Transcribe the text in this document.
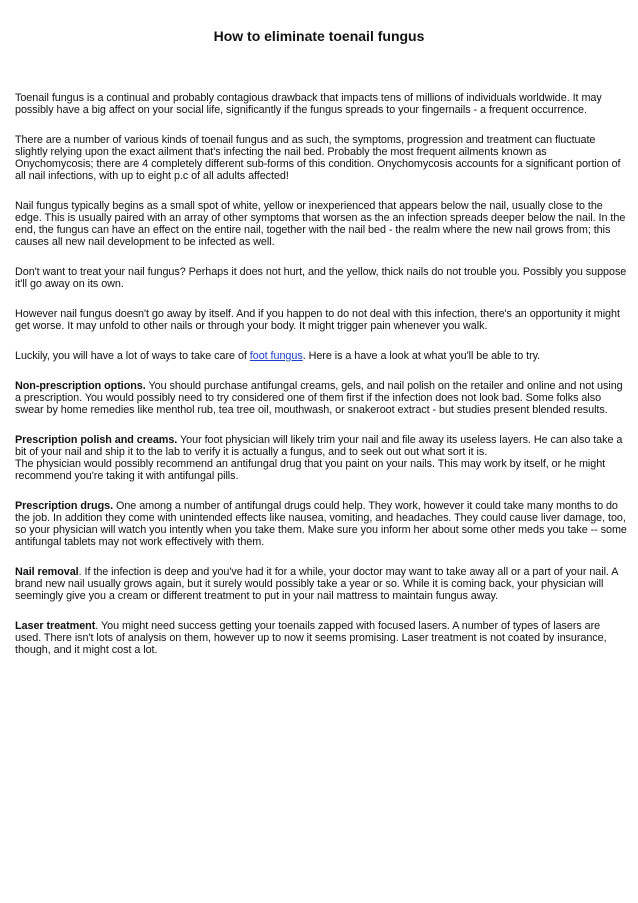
How to eliminate toenail fungus

Toenail fungus is a continual and probably contagious drawback that impacts tens of millions of individuals worldwide. It may possibly have a big affect on your social life, significantly if the fungus spreads to your fingernails - a frequent occurrence.

There are a number of various kinds of toenail fungus and as such, the symptoms, progression and treatment can fluctuate slightly relying upon the exact ailment that's infecting the nail bed. Probably the most frequent ailments known as Onychomycosis; there are 4 completely different sub-forms of this condition. Onychomycosis accounts for a significant portion of all nail infections, with up to eight p.c of all adults affected!

Nail fungus typically begins as a small spot of white, yellow or inexperienced that appears below the nail, usually close to the edge. This is usually paired with an array of other symptoms that worsen as the an infection spreads deeper below the nail. In the end, the fungus can have an effect on the entire nail, together with the nail bed - the realm where the new nail grows from; this causes all new nail development to be infected as well.

Don't want to treat your nail fungus? Perhaps it does not hurt, and the yellow, thick nails do not trouble you. Possibly you suppose it'll go away on its own.

However nail fungus doesn't go away by itself. And if you happen to do not deal with this infection, there's an opportunity it might get worse. It may unfold to other nails or through your body. It might trigger pain whenever you walk.

Luckily, you will have a lot of ways to take care of foot fungus. Here is a have a look at what you'll be able to try.

Non-prescription options. You should purchase antifungal creams, gels, and nail polish on the retailer and online and not using a prescription. You would possibly need to try considered one of them first if the infection does not look bad. Some folks also swear by home remedies like menthol rub, tea tree oil, mouthwash, or snakeroot extract - but studies present blended results.

Prescription polish and creams. Your foot physician will likely trim your nail and file away its useless layers. He can also take a bit of your nail and ship it to the lab to verify it is actually a fungus, and to seek out out what sort it is.
The physician would possibly recommend an antifungal drug that you paint on your nails. This may work by itself, or he might recommend you're taking it with antifungal pills.

Prescription drugs. One among a number of antifungal drugs could help. They work, however it could take many months to do the job. In addition they come with unintended effects like nausea, vomiting, and headaches. They could cause liver damage, too, so your physician will watch you intently when you take them. Make sure you inform her about some other meds you take -- some antifungal tablets may not work effectively with them.

Nail removal. If the infection is deep and you've had it for a while, your doctor may want to take away all or a part of your nail. A brand new nail usually grows again, but it surely would possibly take a year or so. While it is coming back, your physician will seemingly give you a cream or different treatment to put in your nail mattress to maintain fungus away.

Laser treatment. You might need success getting your toenails zapped with focused lasers. A number of types of lasers are used. There isn't lots of analysis on them, however up to now it seems promising. Laser treatment is not coated by insurance, though, and it might cost a lot.
